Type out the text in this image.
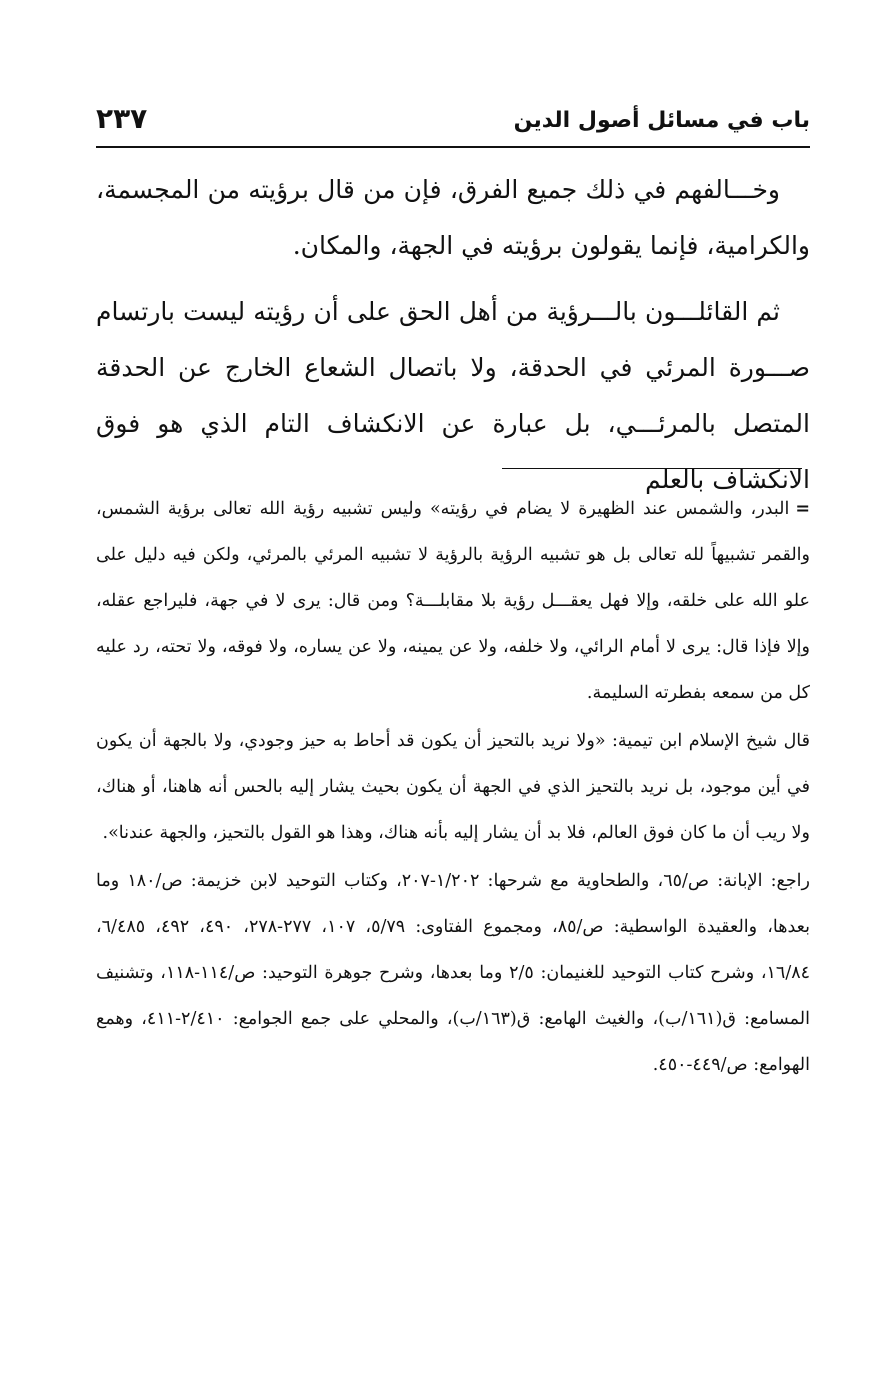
باب في مسائل أصول الدين
٢٣٧

وخـــالفهم في ذلك جميع الفرق، فإن من قال برؤيته من المجسمة، والكرامية، فإنما يقولون برؤيته في الجهة، والمكان.

ثم القائلـــون بالـــرؤية من أهل الحق على أن رؤيته ليست بارتسام صـــورة المرئي في الحدقة، ولا باتصال الشعاع الخارج عن الحدقة المتصل بالمرئـــي، بل عبارة عن الانكشاف التام الذي هو فوق الانكشاف بالعلم

=البدر، والشمس عند الظهيرة لا يضام في رؤيته» وليس تشبيه رؤية الله تعالى برؤية الشمس، والقمر تشبيهاً لله تعالى بل هو تشبيه الرؤية بالرؤية لا تشبيه المرئي بالمرئي، ولكن فيه دليل على علو الله على خلقه، وإلا فهل يعقـــل رؤية بلا مقابلـــة؟ ومن قال: يرى لا في جهة، فليراجع عقله، وإلا فإذا قال: يرى لا أمام الرائي، ولا خلفه، ولا عن يمينه، ولا عن يساره، ولا فوقه، ولا تحته، رد عليه كل من سمعه بفطرته السليمة.

قال شيخ الإسلام ابن تيمية: «ولا نريد بالتحيز أن يكون قد أحاط به حيز وجودي، ولا بالجهة أن يكون في أين موجود، بل نريد بالتحيز الذي في الجهة أن يكون بحيث يشار إليه بالحس أنه هاهنا، أو هناك، ولا ريب أن ما كان فوق العالم، فلا بد أن يشار إليه بأنه هناك، وهذا هو القول بالتحيز، والجهة عندنا».

راجع: الإبانة: ص/٦٥، والطحاوية مع شرحها: ١/٢٠٢-٢٠٧، وكتاب التوحيد لابن خزيمة: ص/١٨٠ وما بعدها، والعقيدة الواسطية: ص/٨٥، ومجموع الفتاوى: ٥/٧٩، ١٠٧، ٢٧٧-٢٧٨، ٤٩٠، ٤٩٢، ٦/٤٨٥، ١٦/٨٤، وشرح كتاب التوحيد للغنيمان: ٢/٥ وما بعدها، وشرح جوهرة التوحيد: ص/١١٤-١١٨، وتشنيف المسامع: ق(١٦١/ب)، والغيث الهامع: ق(١٦٣/ب)، والمحلي على جمع الجوامع: ٢/٤١٠-٤١١، وهمع الهوامع: ص/٤٤٩-٤٥٠.
